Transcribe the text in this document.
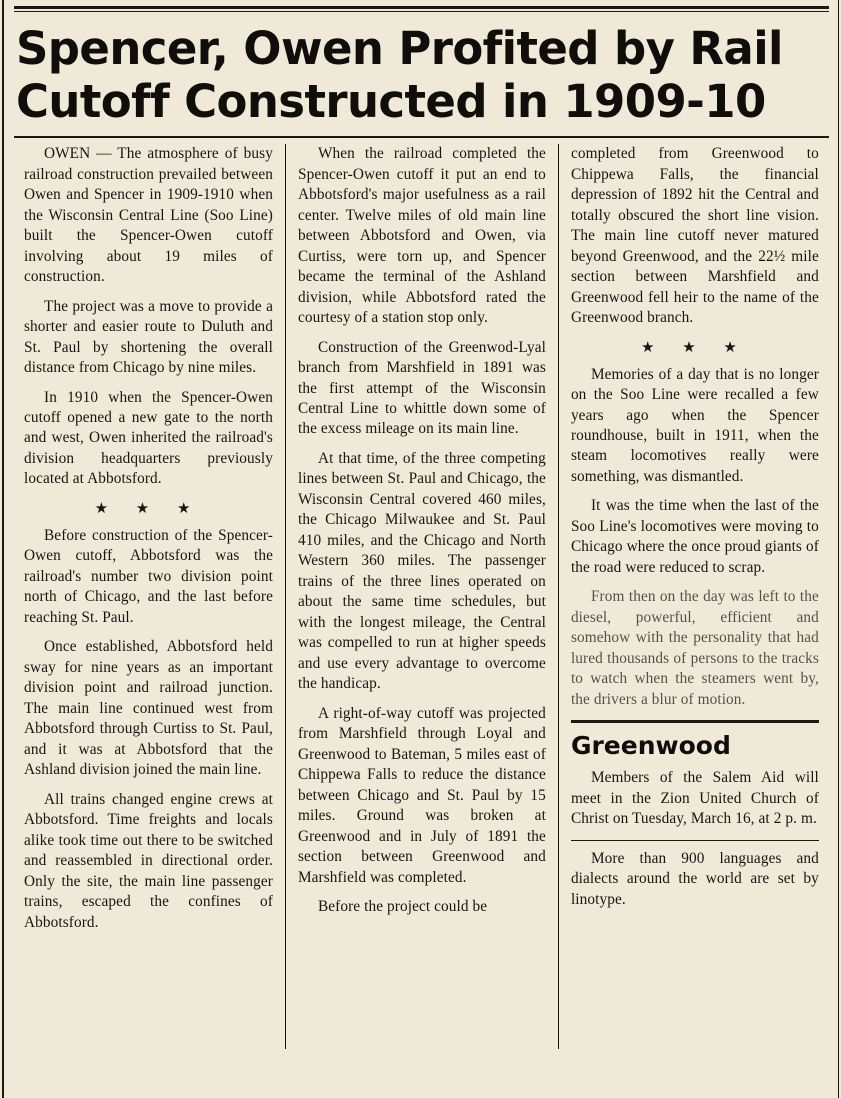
Spencer, Owen Profited by Rail
Cutoff Constructed in 1909-10

OWEN — The atmosphere of busy railroad construction prevailed between Owen and Spencer in 1909-1910 when the Wisconsin Central Line (Soo Line) built the Spencer-Owen cutoff involving about 19 miles of construction.

The project was a move to provide a shorter and easier route to Duluth and St. Paul by shortening the overall distance from Chicago by nine miles.

In 1910 when the Spencer-Owen cutoff opened a new gate to the north and west, Owen inherited the railroad's division headquarters previously located at Abbotsford.

★ ★ ★

Before construction of the Spencer-Owen cutoff, Abbotsford was the railroad's number two division point north of Chicago, and the last before reaching St. Paul.

Once established, Abbotsford held sway for nine years as an important division point and railroad junction. The main line continued west from Abbotsford through Curtiss to St. Paul, and it was at Abbotsford that the Ashland division joined the main line.

All trains changed engine crews at Abbotsford. Time freights and locals alike took time out there to be switched and reassembled in directional order. Only the site, the main line passenger trains, escaped the confines of Abbotsford.

When the railroad completed the Spencer-Owen cutoff it put an end to Abbotsford's major usefulness as a rail center. Twelve miles of old main line between Abbotsford and Owen, via Curtiss, were torn up, and Spencer became the terminal of the Ashland division, while Abbotsford rated the courtesy of a station stop only.

Construction of the Greenwod-Lyal branch from Marshfield in 1891 was the first attempt of the Wisconsin Central Line to whittle down some of the excess mileage on its main line.

At that time, of the three competing lines between St. Paul and Chicago, the Wisconsin Central covered 460 miles, the Chicago Milwaukee and St. Paul 410 miles, and the Chicago and North Western 360 miles. The passenger trains of the three lines operated on about the same time schedules, but with the longest mileage, the Central was compelled to run at higher speeds and use every advantage to overcome the handicap.

A right-of-way cutoff was projected from Marshfield through Loyal and Greenwood to Bateman, 5 miles east of Chippewa Falls to reduce the distance between Chicago and St. Paul by 15 miles. Ground was broken at Greenwood and in July of 1891 the section between Greenwood and Marshfield was completed.

Before the project could be

completed from Greenwood to Chippewa Falls, the financial depression of 1892 hit the Central and totally obscured the short line vision. The main line cutoff never matured beyond Greenwood, and the 22½ mile section between Marshfield and Greenwood fell heir to the name of the Greenwood branch.

★ ★ ★

Memories of a day that is no longer on the Soo Line were recalled a few years ago when the Spencer roundhouse, built in 1911, when the steam locomotives really were something, was dismantled.

It was the time when the last of the Soo Line's locomotives were moving to Chicago where the once proud giants of the road were reduced to scrap.

From then on the day was left to the diesel, powerful, efficient and somehow with the personality that had lured thousands of persons to the tracks to watch when the steamers went by, the drivers a blur of motion.

Greenwood

Members of the Salem Aid will meet in the Zion United Church of Christ on Tuesday, March 16, at 2 p. m.

More than 900 languages and dialects around the world are set by linotype.
